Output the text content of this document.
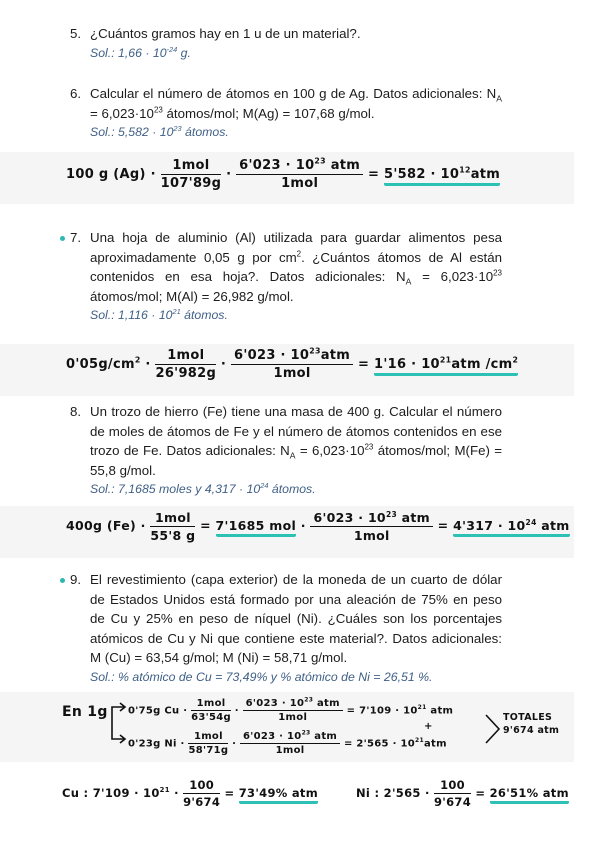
5. ¿Cuántos gramos hay en 1 u de un material?.
Sol.: $1,66 \cdot 10^{-24}$ g.
6. Calcular el número de átomos en 100 g de Ag. Datos adicionales: $N_A = 6,023\cdot 10^{23}$ átomos/mol; M(Ag) = 107,68 g/mol.
Sol.: $5,582 \cdot 10^{23}$ átomos.
100 g (Ag) ·
1mol
107'89g
·
$6'023 \cdot 10^{23}$ atm
1mol
= $5'582 \cdot 10^{12}atm$
7. Una hoja de aluminio (Al) utilizada para guardar alimentos pesa aproximadamente 0,05 g por $cm^2$. ¿Cuántos átomos de Al están contenidos en esa hoja?. Datos adicionales: $N_A = 6,023\cdot 10^{23}$ átomos/mol; M(Al) = 26,982 g/mol.
Sol.: $1,116 \cdot 10^{21}$ átomos.
$0'05g/cm^2$ ·
1mol
26'982g
·
$6'023 \cdot 10^{23}atm$
1mol
= $1'16 \cdot 10^{21}atm$ $/cm^2$
8. Un trozo de hierro (Fe) tiene una masa de 400 g. Calcular el número de moles de átomos de Fe y el número de átomos contenidos en ese trozo de Fe. Datos adicionales: $N_A = 6,023\cdot 10^{23}$ átomos/mol; M(Fe) = 55,8 g/mol.
Sol.: 7,1685 moles y $4,317 \cdot 10^{24}$ átomos.
400g (Fe) ·
1mol
55'8 g
= 7'1685 mol ·
$6'023 \cdot 10^{23}$ atm
1mol
= $4'317 \cdot 10^{24}$ atm
9. El revestimiento (capa exterior) de la moneda de un cuarto de dólar de Estados Unidos está formado por una aleación de 75% en peso de Cu y 25% en peso de níquel (Ni). ¿Cuáles son los porcentajes atómicos de Cu y Ni que contiene este material?. Datos adicionales: M (Cu) = 63,54 g/mol; M (Ni) = 58,71 g/mol.
Sol.: % atómico de Cu = 73,49% y % atómico de Ni = 26,51 %.
En 1g 0'75g Cu ·
1mol
63'54g
·
$6'023 \cdot 10^{23}$ atm
1mol
= $7'109 \cdot 10^{21}$ atm
+
0'23g Ni ·
1mol
58'71g
·
$6'023 \cdot 10^{23}$ atm
1mol
= $2'565 \cdot 10^{21}atm$
TOTALES
9'674 atm
Cu : $7'109 \cdot 10^{21} \cdot \frac{100}{9'674} = 73'49\%$ atm	Ni : $2'565 \cdot \frac{100}{9'674} = 26'51\%$ atm
